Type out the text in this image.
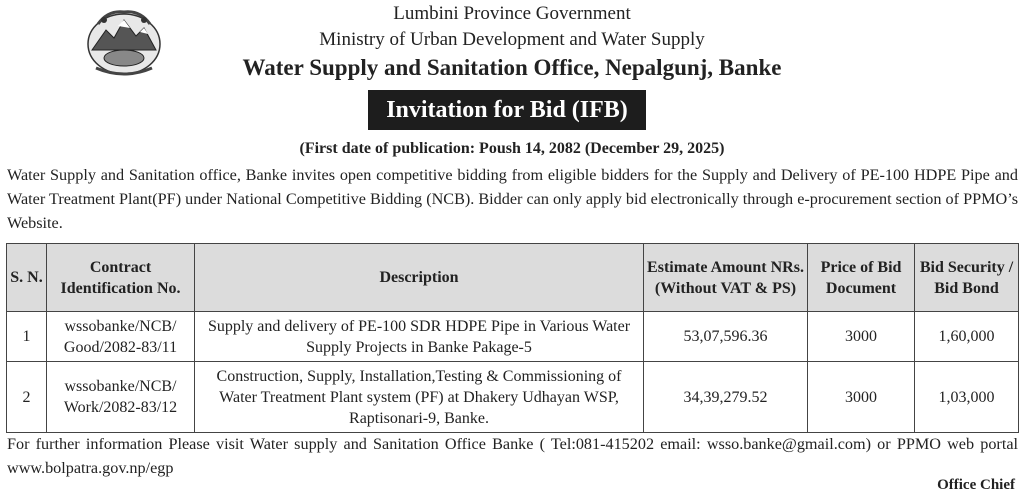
Lumbini Province Government
Ministry of Urban Development and Water Supply
Water Supply and Sanitation Office, Nepalgunj, Banke
Invitation for Bid (IFB)
(First date of publication: Poush 14, 2082 (December 29, 2025)

Water Supply and Sanitation office, Banke invites open competitive bidding from eligible bidders for the Supply and Delivery of PE-100 HDPE Pipe and Water Treatment Plant(PF) under National Competitive Bidding (NCB). Bidder can only apply bid electronically through e-procurement section of PPMO’s Website.

S. N.	Contract Identification No.	Description	Estimate Amount NRs. (Without VAT & PS)	Price of Bid Document	Bid Security / Bid Bond
1	wssobanke/NCB/ Good/2082-83/11	Supply and delivery of PE-100 SDR HDPE Pipe in Various Water Supply Projects in Banke Pakage-5	53,07,596.36	3000	1,60,000
2	wssobanke/NCB/ Work/2082-83/12	Construction, Supply, Installation,Testing & Commissioning of Water Treatment Plant system (PF) at Dhakery Udhayan WSP, Raptisonari-9, Banke.	34,39,279.52	3000	1,03,000

For further information Please visit Water supply and Sanitation Office Banke ( Tel:081-415202 email: wsso.banke@gmail.com) or PPMO web portal www.bolpatra.gov.np/egp

Office Chief
